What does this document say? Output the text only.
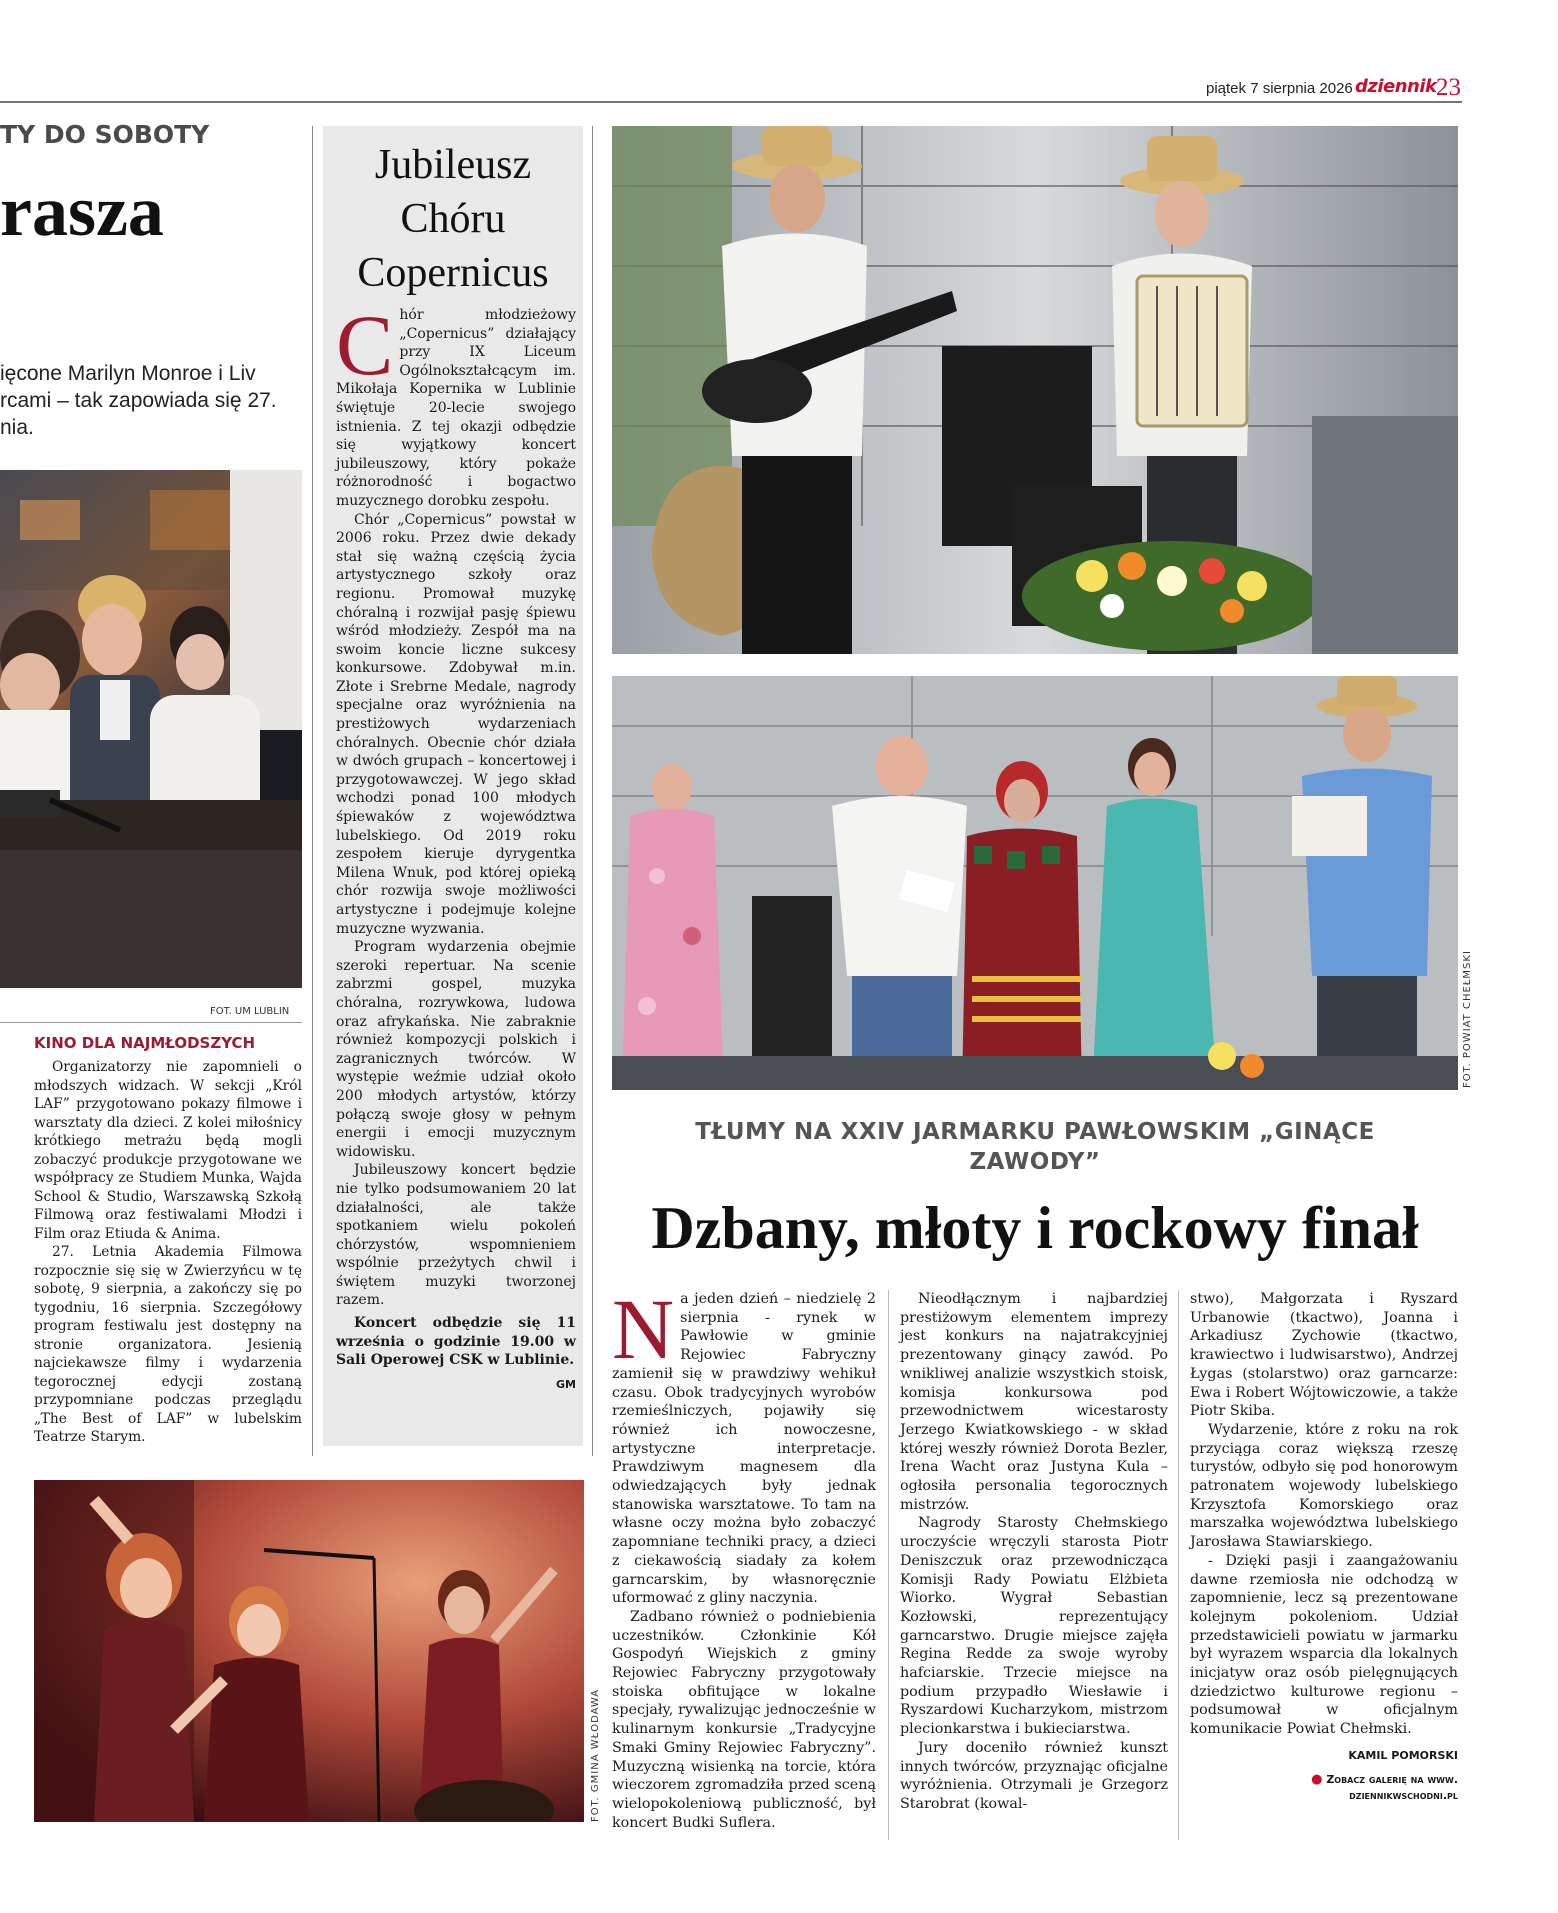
piątek 7 sierpnia 2026 dziennik 23
TY DO SOBOTY
rasza
ięcone Marilyn Monroe i Liv
rcami – tak zapowiada się 27.
nia.
FOT. UM LUBLIN
KINO DLA NAJMŁODSZYCH

Organizatorzy nie zapomnieli o młodszych widzach. W sekcji „Król LAF” przygotowano pokazy filmowe i warsztaty dla dzieci. Z kolei miłośnicy krótkiego metrażu będą mogli zobaczyć produkcje przygotowane we współpracy ze Studiem Munka, Wajda School & Studio, Warszawską Szkołą Filmową oraz festiwalami Młodzi i Film oraz Etiuda & Anima.

27. Letnia Akademia Filmowa rozpocznie się się w Zwierzyńcu w tę sobotę, 9 sierpnia, a zakończy się po tygodniu, 16 sierpnia. Szczegółowy program festiwalu jest dostępny na stronie organizatora. Jesienią najciekawsze filmy i wydarzenia tegorocznej edycji zostaną przypomniane podczas przeglądu „The Best of LAF” w lubelskim Teatrze Starym.

Jubileusz
Chóru
Copernicus

Chór młodzieżowy „Copernicus” działający przy IX Liceum Ogólnokształcącym im. Mikołaja Kopernika w Lublinie świętuje 20-lecie swojego istnienia. Z tej okazji odbędzie się wyjątkowy koncert jubileuszowy, który pokaże różnorodność i bogactwo muzycznego dorobku zespołu.

Chór „Copernicus” powstał w 2006 roku. Przez dwie dekady stał się ważną częścią życia artystycznego szkoły oraz regionu. Promował muzykę chóralną i rozwijał pasję śpiewu wśród młodzieży. Zespół ma na swoim koncie liczne sukcesy konkursowe. Zdobywał m.in. Złote i Srebrne Medale, nagrody specjalne oraz wyróżnienia na prestiżowych wydarzeniach chóralnych. Obecnie chór działa w dwóch grupach – koncertowej i przygotowawczej. W jego skład wchodzi ponad 100 młodych śpiewaków z województwa lubelskiego. Od 2019 roku zespołem kieruje dyrygentka Milena Wnuk, pod której opieką chór rozwija swoje możliwości artystyczne i podejmuje kolejne muzyczne wyzwania.

Program wydarzenia obejmie szeroki repertuar. Na scenie zabrzmi gospel, muzyka chóralna, rozrywkowa, ludowa oraz afrykańska. Nie zabraknie również kompozycji polskich i zagranicznych twórców. W występie weźmie udział około 200 młodych artystów, którzy połączą swoje głosy w pełnym energii i emocji muzycznym widowisku.

Jubileuszowy koncert będzie nie tylko podsumowaniem 20 lat działalności, ale także spotkaniem wielu pokoleń chórzystów, wspomnieniem wspólnie przeżytych chwil i świętem muzyki tworzonej razem.

Koncert odbędzie się 11 września o godzinie 19.00 w Sali Operowej CSK w Lublinie.

GM

FOT. GMINA WŁODAWA
FOT. POWIAT CHEŁMSKI
TŁUMY NA XXIV JARMARKU PAWŁOWSKIM „GINĄCE ZAWODY”
Dzbany, młoty i rockowy finał

Na jeden dzień – niedzielę 2 sierpnia - rynek w Pawłowie w gminie Rejowiec Fabryczny zamienił się w prawdziwy wehikuł czasu. Obok tradycyjnych wyrobów rzemieślniczych, pojawiły się również ich nowoczesne, artystyczne interpretacje. Prawdziwym magnesem dla odwiedzających były jednak stanowiska warsztatowe. To tam na własne oczy można było zobaczyć zapomniane techniki pracy, a dzieci z ciekawością siadały za kołem garncarskim, by własnoręcznie uformować z gliny naczynia.

Zadbano również o podniebienia uczestników. Członkinie Kół Gospodyń Wiejskich z gminy Rejowiec Fabryczny przygotowały stoiska obfitujące w lokalne specjały, rywalizując jednocześnie w kulinarnym konkursie „Tradycyjne Smaki Gminy Rejowiec Fabryczny”. Muzyczną wisienką na torcie, która wieczorem zgromadziła przed sceną wielopokoleniową publiczność, był koncert Budki Suflera.

Nieodłącznym i najbardziej prestiżowym elementem imprezy jest konkurs na najatrakcyjniej prezentowany ginący zawód. Po wnikliwej analizie wszystkich stoisk, komisja konkursowa pod przewodnictwem wicestarosty Jerzego Kwiatkowskiego - w skład której weszły również Dorota Bezler, Irena Wacht oraz Justyna Kula – ogłosiła personalia tegorocznych mistrzów.

Nagrody Starosty Chełmskiego uroczyście wręczyli starosta Piotr Deniszczuk oraz przewodnicząca Komisji Rady Powiatu Elżbieta Wiorko. Wygrał Sebastian Kozłowski, reprezentujący garncarstwo. Drugie miejsce zajęła Regina Redde za swoje wyroby hafciarskie. Trzecie miejsce na podium przypadło Wiesławie i Ryszardowi Kucharzykom, mistrzom plecionkarstwa i bukieciarstwa.

Jury doceniło również kunszt innych twórców, przyznając oficjalne wyróżnienia. Otrzymali je Grzegorz Starobrat (kowal-

stwo), Małgorzata i Ryszard Urbanowie (tkactwo), Joanna i Arkadiusz Zychowie (tkactwo, krawiectwo i ludwisarstwo), Andrzej Łygas (stolarstwo) oraz garncarze: Ewa i Robert Wójtowiczowie, a także Piotr Skiba.

Wydarzenie, które z roku na rok przyciąga coraz większą rzeszę turystów, odbyło się pod honorowym patronatem wojewody lubelskiego Krzysztofa Komorskiego oraz marszałka województwa lubelskiego Jarosława Stawiarskiego.

- Dzięki pasji i zaangażowaniu dawne rzemiosła nie odchodzą w zapomnienie, lecz są prezentowane kolejnym pokoleniom. Udział przedstawicieli powiatu w jarmarku był wyrazem wsparcia dla lokalnych inicjatyw oraz osób pielęgnujących dziedzictwo kulturowe regionu – podsumował w oficjalnym komunikacie Powiat Chełmski.

KAMIL POMORSKI

● Zobacz galerię na www.
dziennikwschodni.pl
